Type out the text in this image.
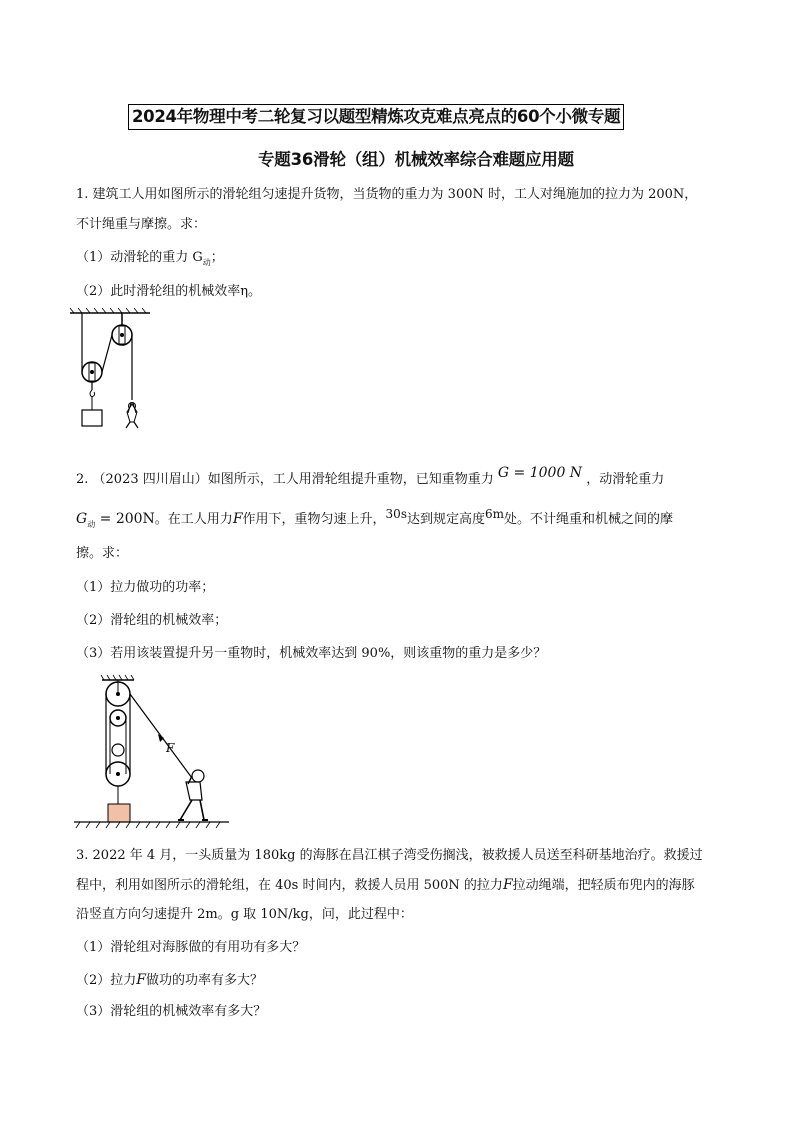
2024年物理中考二轮复习以题型精炼攻克难点亮点的60个小微专题
专题36滑轮（组）机械效率综合难题应用题
1. 建筑工人用如图所示的滑轮组匀速提升货物，当货物的重力为 300N 时，工人对绳施加的拉力为 200N，
不计绳重与摩擦。求：
（1）动滑轮的重力 $G_动$；
（2）此时滑轮组的机械效率η。
2. （2023 四川眉山）如图所示，工人用滑轮组提升重物，已知重物重力 G = 1000 N ，动滑轮重力
$G_动 = 200N$。在工人用力F作用下，重物匀速上升，30s达到规定高度6m处。不计绳重和机械之间的摩
擦。求：
（1）拉力做功的功率；
（2）滑轮组的机械效率；
（3）若用该装置提升另一重物时，机械效率达到 90%，则该重物的重力是多少？
F
3. 2022 年 4 月，一头质量为 180kg 的海豚在昌江棋子湾受伤搁浅，被救援人员送至科研基地治疗。救援过
程中，利用如图所示的滑轮组，在 40s 时间内，救援人员用 500N 的拉力F拉动绳端，把轻质布兜内的海豚
沿竖直方向匀速提升 2m。g 取 10N/kg，问，此过程中：
（1）滑轮组对海豚做的有用功有多大？
（2）拉力F做功的功率有多大？
（3）滑轮组的机械效率有多大？
